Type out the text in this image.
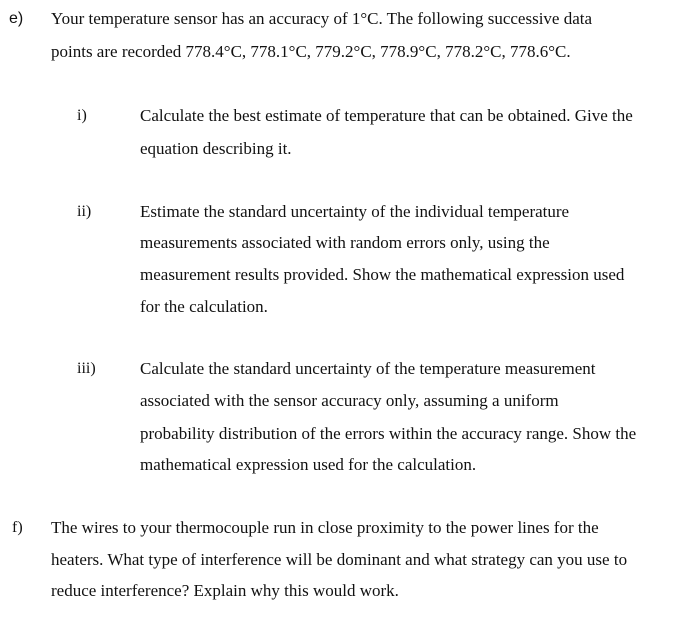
e) Your temperature sensor has an accuracy of 1°C. The following successive data
points are recorded 778.4°C, 778.1°C, 779.2°C, 778.9°C, 778.2°C, 778.6°C.
i)	Calculate the best estimate of temperature that can be obtained. Give the
equation describing it.
ii)	Estimate the standard uncertainty of the individual temperature
measurements associated with random errors only, using the
measurement results provided. Show the mathematical expression used
for the calculation.
iii)	Calculate the standard uncertainty of the temperature measurement
associated with the sensor accuracy only, assuming a uniform
probability distribution of the errors within the accuracy range. Show the
mathematical expression used for the calculation.
f) The wires to your thermocouple run in close proximity to the power lines for the
heaters. What type of interference will be dominant and what strategy can you use to
reduce interference? Explain why this would work.
